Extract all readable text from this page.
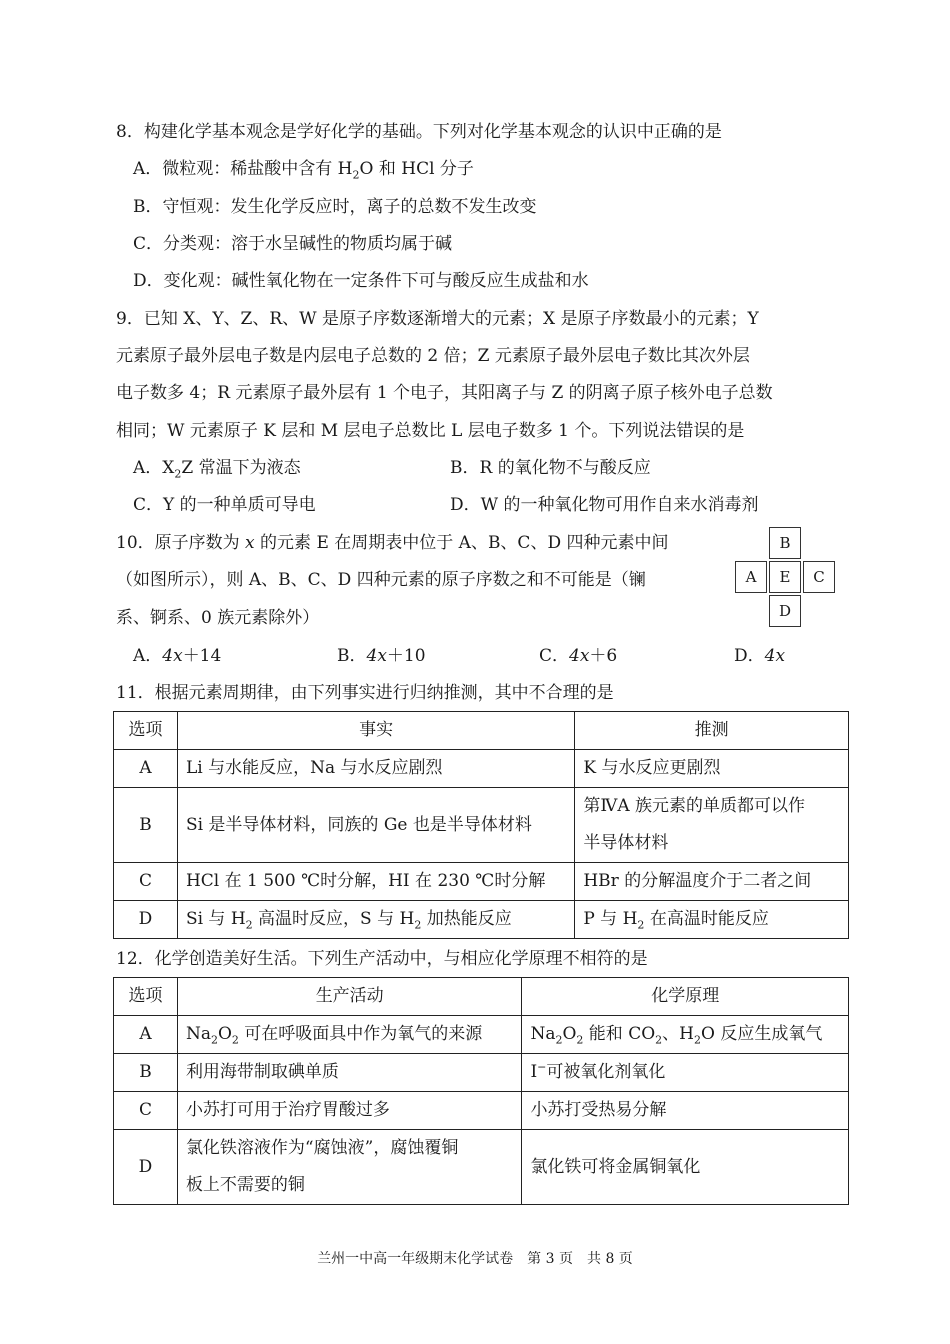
8．构建化学基本观念是学好化学的基础。下列对化学基本观念的认识中正确的是
A．微粒观：稀盐酸中含有 $H_2O$ 和 HCl 分子
B．守恒观：发生化学反应时，离子的总数不发生改变
C．分类观：溶于水呈碱性的物质均属于碱
D．变化观：碱性氧化物在一定条件下可与酸反应生成盐和水
9．已知 X、Y、Z、R、W 是原子序数逐渐增大的元素；X 是原子序数最小的元素；Y
元素原子最外层电子数是内层电子总数的 2 倍；Z 元素原子最外层电子数比其次外层
电子数多 4；R 元素原子最外层有 1 个电子，其阳离子与 Z 的阴离子原子核外电子总数
相同；W 元素原子 K 层和 M 层电子总数比 L 层电子数多 1 个。下列说法错误的是
A．$X_2Z$ 常温下为液态	B．R 的氧化物不与酸反应
C．Y 的一种单质可导电	D．W 的一种氧化物可用作自来水消毒剂
10．原子序数为 x 的元素 E 在周期表中位于 A、B、C、D 四种元素中间
（如图所示），则 A、B、C、D 四种元素的原子序数之和不可能是（镧
系、锕系、0 族元素除外）
A．4x＋14	B．4x＋10	C．4x＋6	D．4x
B
A	E	C
D
11．根据元素周期律，由下列事实进行归纳推测，其中不合理的是
选项	事实	推测
A	Li 与水能反应，Na 与水反应剧烈	K 与水反应更剧烈
B	Si 是半导体材料，同族的 Ge 也是半导体材料	第ⅣA 族元素的单质都可以作
半导体材料
C	HCl 在 1 500 ℃时分解，HI 在 230 ℃时分解	HBr 的分解温度介于二者之间
D	Si 与 $H_2$ 高温时反应，S 与 $H_2$ 加热能反应	P 与 $H_2$ 在高温时能反应
12．化学创造美好生活。下列生产活动中，与相应化学原理不相符的是
选项	生产活动	化学原理
A	$Na_2O_2$ 可在呼吸面具中作为氧气的来源	$Na_2O_2$ 能和 $CO_2$、$H_2O$ 反应生成氧气
B	利用海带制取碘单质	I−可被氧化剂氧化
C	小苏打可用于治疗胃酸过多	小苏打受热易分解
D	氯化铁溶液作为“腐蚀液”，腐蚀覆铜
板上不需要的铜	氯化铁可将金属铜氧化
兰州一中高一年级期末化学试卷　第 3 页　共 8 页
